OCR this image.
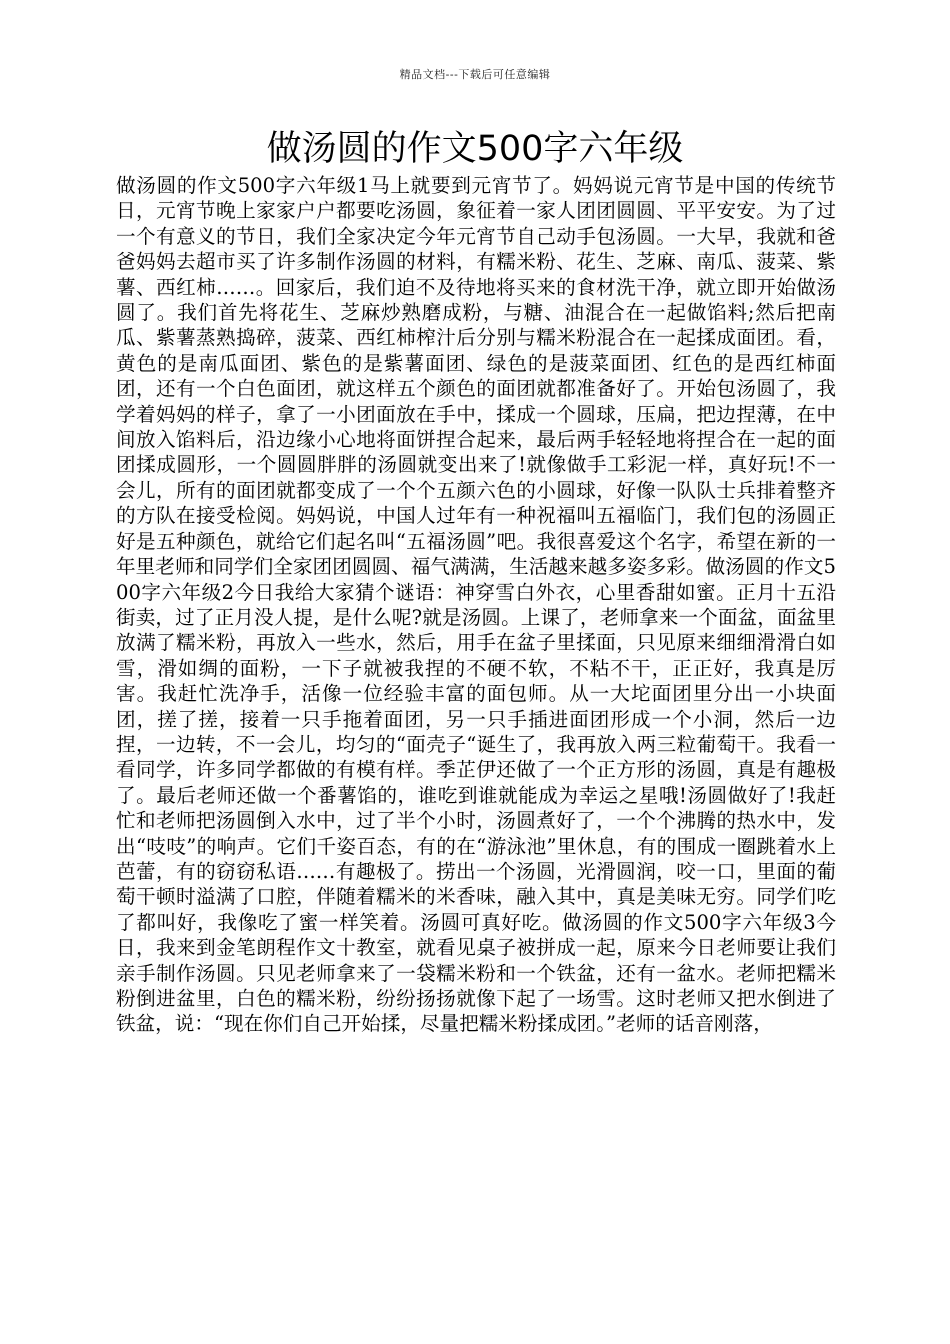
精品文档---下载后可任意编辑
做汤圆的作文500字六年级

做汤圆的作文500字六年级1马上就要到元宵节了。妈妈说元宵节是中国的传统节日，元宵节晚上家家户户都要吃汤圆，象征着一家人团团圆圆、平平安安。为了过一个有意义的节日，我们全家决定今年元宵节自己动手包汤圆。一大早，我就和爸爸妈妈去超市买了许多制作汤圆的材料，有糯米粉、花生、芝麻、南瓜、菠菜、紫薯、西红柿……。回家后，我们迫不及待地将买来的食材洗干净，就立即开始做汤圆了。我们首先将花生、芝麻炒熟磨成粉，与糖、油混合在一起做馅料;然后把南瓜、紫薯蒸熟捣碎，菠菜、西红柿榨汁后分别与糯米粉混合在一起揉成面团。看，黄色的是南瓜面团、紫色的是紫薯面团、绿色的是菠菜面团、红色的是西红柿面团，还有一个白色面团，就这样五个颜色的面团就都准备好了。开始包汤圆了，我学着妈妈的样子，拿了一小团面放在手中，揉成一个圆球，压扁，把边捏薄，在中间放入馅料后，沿边缘小心地将面饼捏合起来，最后两手轻轻地将捏合在一起的面团揉成圆形，一个圆圆胖胖的汤圆就变出来了!就像做手工彩泥一样，真好玩!不一会儿，所有的面团就都变成了一个个五颜六色的小圆球，好像一队队士兵排着整齐的方队在接受检阅。妈妈说，中国人过年有一种祝福叫五福临门，我们包的汤圆正好是五种颜色，就给它们起名叫“五福汤圆”吧。我很喜爱这个名字，希望在新的一年里老师和同学们全家团团圆圆、福气满满，生活越来越多姿多彩。做汤圆的作文500字六年级2今日我给大家猜个谜语：神穿雪白外衣，心里香甜如蜜。正月十五沿街卖，过了正月没人提，是什么呢?就是汤圆。上课了，老师拿来一个面盆，面盆里放满了糯米粉，再放入一些水，然后，用手在盆子里揉面，只见原来细细滑滑白如雪，滑如绸的面粉，一下子就被我捏的不硬不软，不粘不干，正正好，我真是厉害。我赶忙洗净手，活像一位经验丰富的面包师。从一大坨面团里分出一小块面团，搓了搓，接着一只手拖着面团，另一只手插进面团形成一个小洞，然后一边捏，一边转，不一会儿，均匀的“面壳子“诞生了，我再放入两三粒葡萄干。我看一看同学，许多同学都做的有模有样。季芷伊还做了一个正方形的汤圆，真是有趣极了。最后老师还做一个番薯馅的，谁吃到谁就能成为幸运之星哦!汤圆做好了!我赶忙和老师把汤圆倒入水中，过了半个小时，汤圆煮好了，一个个沸腾的热水中，发出“吱吱”的响声。它们千姿百态，有的在“游泳池”里休息，有的围成一圈跳着水上芭蕾，有的窃窃私语……有趣极了。捞出一个汤圆，光滑圆润，咬一口，里面的葡萄干顿时溢满了口腔，伴随着糯米的米香味，融入其中，真是美味无穷。同学们吃了都叫好，我像吃了蜜一样笑着。汤圆可真好吃。做汤圆的作文500字六年级3今日，我来到金笔朗程作文十教室，就看见桌子被拼成一起，原来今日老师要让我们亲手制作汤圆。只见老师拿来了一袋糯米粉和一个铁盆，还有一盆水。老师把糯米粉倒进盆里，白色的糯米粉，纷纷扬扬就像下起了一场雪。这时老师又把水倒进了铁盆，说：“现在你们自己开始揉，尽量把糯米粉揉成团。”老师的话音刚落，
